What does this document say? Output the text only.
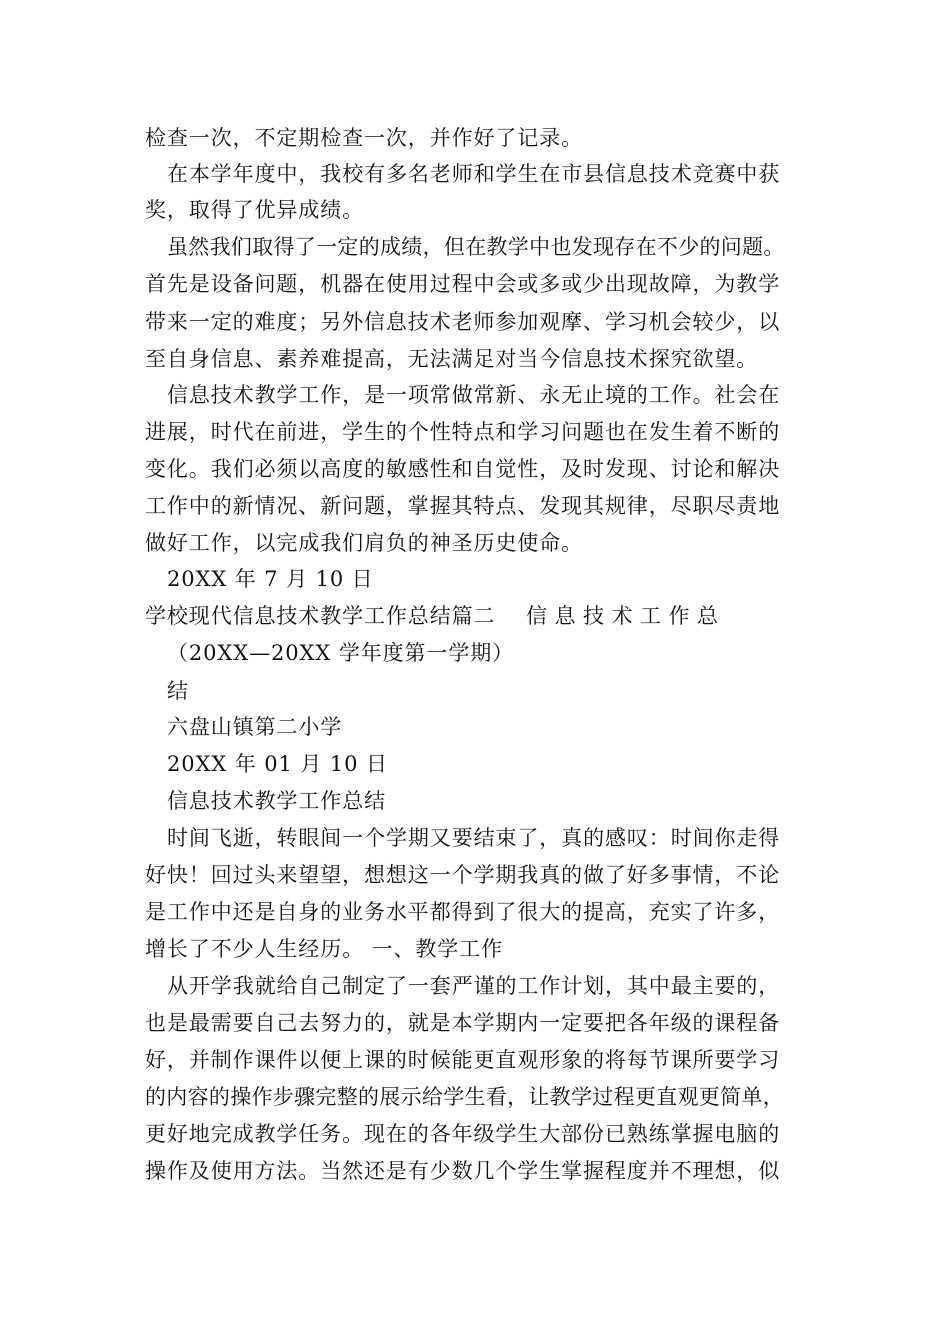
检查一次，不定期检查一次，并作好了记录。
在本学年度中，我校有多名老师和学生在市县信息技术竞赛中获
奖，取得了优异成绩。
虽然我们取得了一定的成绩，但在教学中也发现存在不少的问题。
首先是设备问题，机器在使用过程中会或多或少出现故障，为教学
带来一定的难度；另外信息技术老师参加观摩、学习机会较少，以
至自身信息、素养难提高，无法满足对当今信息技术探究欲望。
信息技术教学工作，是一项常做常新、永无止境的工作。社会在
进展，时代在前进，学生的个性特点和学习问题也在发生着不断的
变化。我们必须以高度的敏感性和自觉性，及时发现、讨论和解决
工作中的新情况、新问题，掌握其特点、发现其规律，尽职尽责地
做好工作，以完成我们肩负的神圣历史使命。
20XX 年 7 月 10 日
学校现代信息技术教学工作总结篇二 信息技术工作总
（20XX—20XX 学年度第一学期）
结
六盘山镇第二小学
20XX 年 01 月 10 日
信息技术教学工作总结
时间飞逝，转眼间一个学期又要结束了，真的感叹：时间你走得
好快！回过头来望望，想想这一个学期我真的做了好多事情，不论
是工作中还是自身的业务水平都得到了很大的提高，充实了许多，
增长了不少人生经历。 一、教学工作
从开学我就给自己制定了一套严谨的工作计划，其中最主要的，
也是最需要自己去努力的，就是本学期内一定要把各年级的课程备
好，并制作课件以便上课的时候能更直观形象的将每节课所要学习
的内容的操作步骤完整的展示给学生看，让教学过程更直观更简单，
更好地完成教学任务。现在的各年级学生大部份已熟练掌握电脑的
操作及使用方法。当然还是有少数几个学生掌握程度并不理想，似
